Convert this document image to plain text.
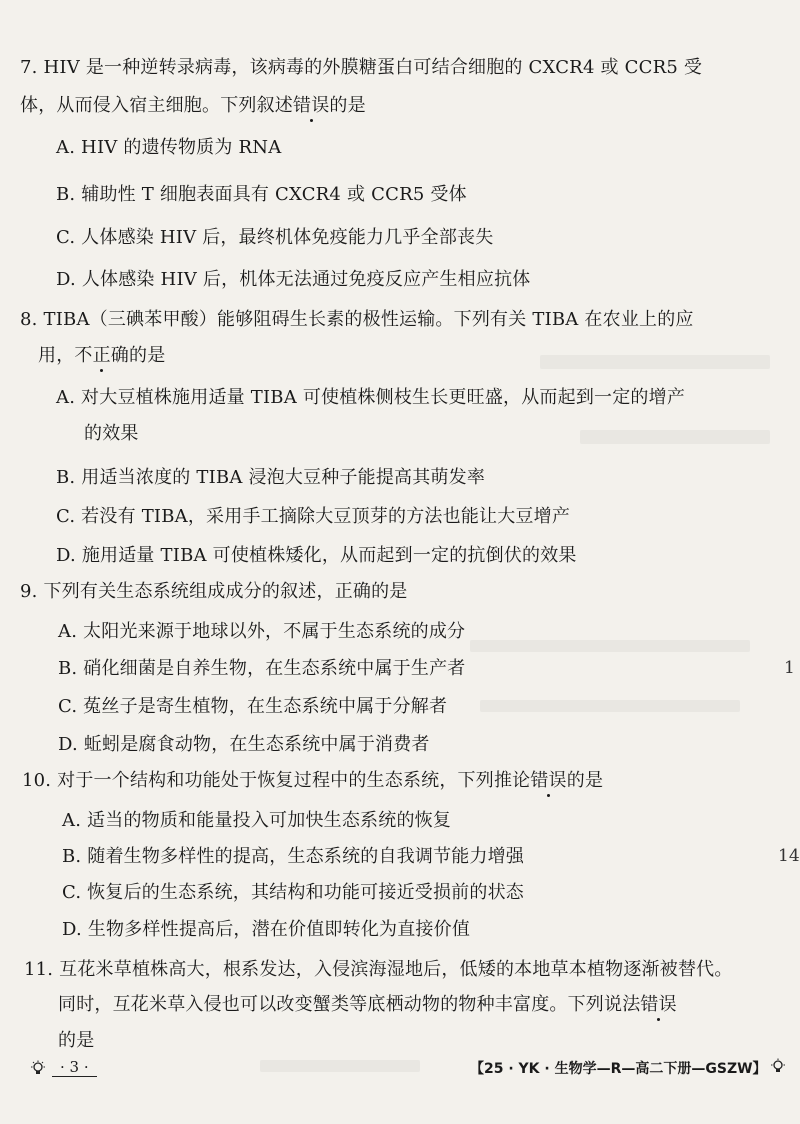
7. HIV 是一种逆转录病毒，该病毒的外膜糖蛋白可结合细胞的 CXCR4 或 CCR5 受
体，从而侵入宿主细胞。下列叙述错误的是
A. HIV 的遗传物质为 RNA
B. 辅助性 T 细胞表面具有 CXCR4 或 CCR5 受体
C. 人体感染 HIV 后，最终机体免疫能力几乎全部丧失
D. 人体感染 HIV 后，机体无法通过免疫反应产生相应抗体
8. TIBA（三碘苯甲酸）能够阻碍生长素的极性运输。下列有关 TIBA 在农业上的应
用，不正确的是
A. 对大豆植株施用适量 TIBA 可使植株侧枝生长更旺盛，从而起到一定的增产
的效果
B. 用适当浓度的 TIBA 浸泡大豆种子能提高其萌发率
C. 若没有 TIBA，采用手工摘除大豆顶芽的方法也能让大豆增产
D. 施用适量 TIBA 可使植株矮化，从而起到一定的抗倒伏的效果
9. 下列有关生态系统组成成分的叙述，正确的是
A. 太阳光来源于地球以外，不属于生态系统的成分
B. 硝化细菌是自养生物，在生态系统中属于生产者
C. 菟丝子是寄生植物，在生态系统中属于分解者
D. 蚯蚓是腐食动物，在生态系统中属于消费者
10. 对于一个结构和功能处于恢复过程中的生态系统，下列推论错误的是
A. 适当的物质和能量投入可加快生态系统的恢复
B. 随着生物多样性的提高，生态系统的自我调节能力增强
C. 恢复后的生态系统，其结构和功能可接近受损前的状态
D. 生物多样性提高后，潜在价值即转化为直接价值
11. 互花米草植株高大，根系发达，入侵滨海湿地后，低矮的本地草本植物逐渐被替代。
同时，互花米草入侵也可以改变蟹类等底栖动物的物种丰富度。下列说法错误
的是
1
14
· 3 ·	【25 · YK · 生物学—R—高二下册—GSZW】
